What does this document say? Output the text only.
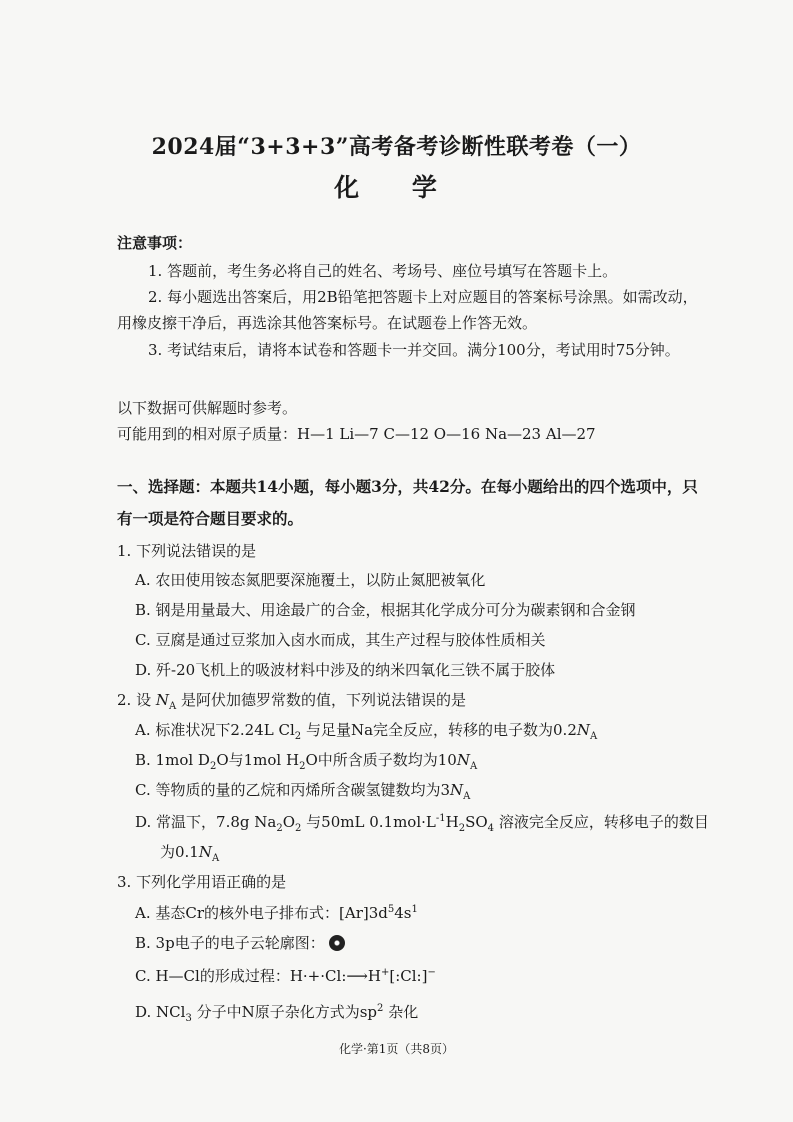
2024届“3+3+3”高考备考诊断性联考卷（一）
化 学
注意事项：
1. 答题前，考生务必将自己的姓名、考场号、座位号填写在答题卡上。
2. 每小题选出答案后，用2B铅笔把答题卡上对应题目的答案标号涂黑。如需改动，
用橡皮擦干净后，再选涂其他答案标号。在试题卷上作答无效。
3. 考试结束后，请将本试卷和答题卡一并交回。满分100分，考试用时75分钟。
以下数据可供解题时参考。
可能用到的相对原子质量：H—1 Li—7 C—12 O—16 Na—23 Al—27
一、选择题：本题共14小题，每小题3分，共42分。在每小题给出的四个选项中，只
有一项是符合题目要求的。
1. 下列说法错误的是
A. 农田使用铵态氮肥要深施覆土，以防止氮肥被氧化
B. 钢是用量最大、用途最广的合金，根据其化学成分可分为碳素钢和合金钢
C. 豆腐是通过豆浆加入卤水而成，其生产过程与胶体性质相关
D. 歼-20飞机上的吸波材料中涉及的纳米四氧化三铁不属于胶体
2. 设 $N_A$ 是阿伏加德罗常数的值，下列说法错误的是
A. 标准状况下2.24L $Cl_2$ 与足量Na完全反应，转移的电子数为$0.2N_A$
B. 1mol $D_2O$与1mol $H_2O$中所含质子数均为$10N_A$
C. 等物质的量的乙烷和丙烯所含碳氢键数均为$3N_A$
D. 常温下，7.8g $Na_2O_2$ 与50mL $0.1mol\cdot L^{-1}H_2SO_4$ 溶液完全反应，转移电子的数目
为$0.1N_A$
3. 下列化学用语正确的是
A. 基态Cr的核外电子排布式：$[Ar]3d^54s^1$
B. 3p电子的电子云轮廓图：
C. H—Cl的形成过程：H·+·Cl:⟶H+[:Cl:]−
D. NCl$_3$ 分子中N原子杂化方式为$sp^2$ 杂化
化学·第1页（共8页）
